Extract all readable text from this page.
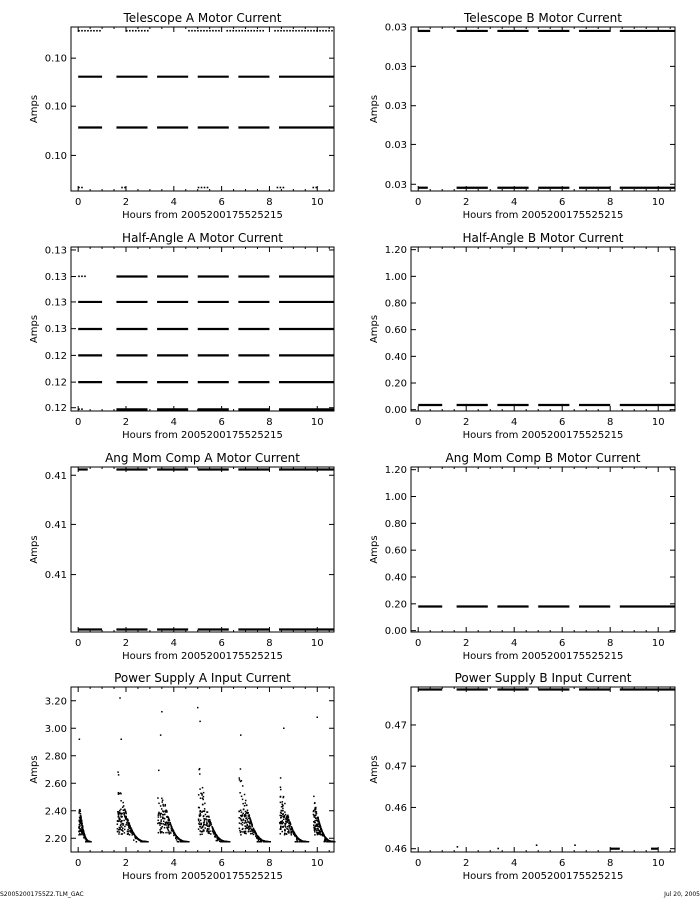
Telescope A Motor Current
Hours from 2005200175525215
Amps
0	2	4	6	8	10
0.10
0.10
0.10
Telescope B Motor Current
Hours from 2005200175525215
Amps
0	2	4	6	8	10
0.03
0.03
0.03
0.03
0.03
Half-Angle A Motor Current
Hours from 2005200175525215
Amps
0	2	4	6	8	10
0.12
0.12
0.12
0.13
0.13
0.13
0.13
Half-Angle B Motor Current
Hours from 2005200175525215
Amps
0	2	4	6	8	10
0.00
0.20
0.40
0.60
0.80
1.00
1.20
Ang Mom Comp A Motor Current
Hours from 2005200175525215
Amps
0	2	4	6	8	10
0.41
0.41
0.41
Ang Mom Comp B Motor Current
Hours from 2005200175525215
Amps
0	2	4	6	8	10
0.00
0.20
0.40
0.60
0.80
1.00
1.20
Power Supply A Input Current
Hours from 2005200175525215
Amps
0	2	4	6	8	10
2.20
2.40
2.60
2.80
3.00
3.20
Power Supply B Input Current
Hours from 2005200175525215
Amps
0	2	4	6	8	10
0.46
0.46
0.47
0.47
S20052001755Z2.TLM_GAC	Jul 20, 2005
